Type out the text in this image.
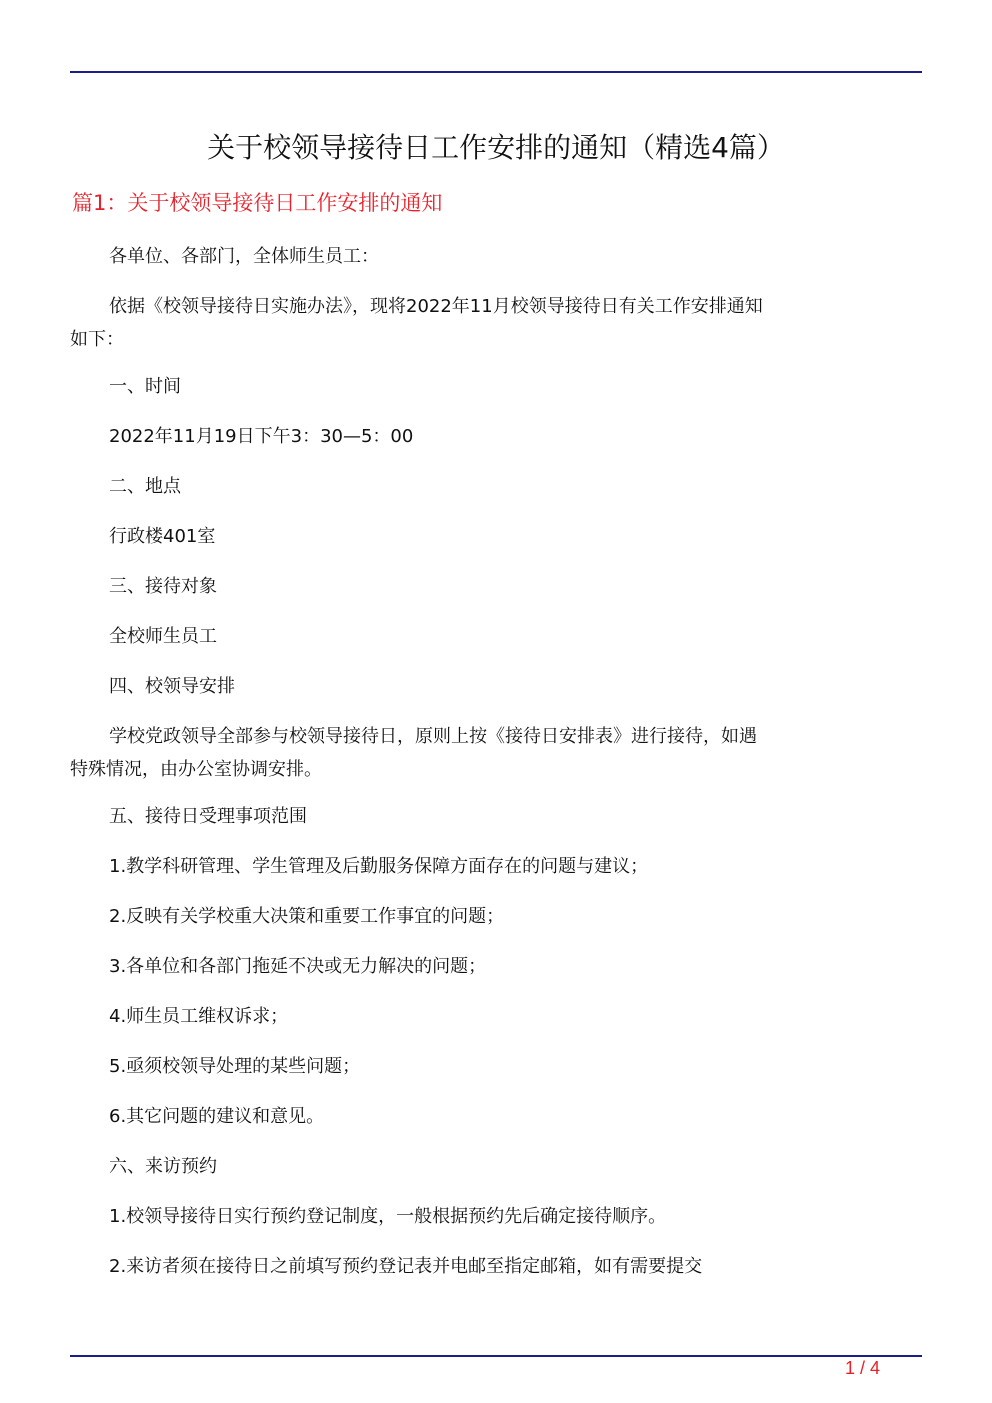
关于校领导接待日工作安排的通知（精选4篇）
篇1：关于校领导接待日工作安排的通知

各单位、各部门，全体师生员工：

依据《校领导接待日实施办法》，现将2022年11月校领导接待日有关工作安排通知如下：

一、时间

2022年11月19日下午3：30—5：00

二、地点

行政楼401室

三、接待对象

全校师生员工

四、校领导安排

学校党政领导全部参与校领导接待日，原则上按《接待日安排表》进行接待，如遇特殊情况，由办公室协调安排。

五、接待日受理事项范围

1.教学科研管理、学生管理及后勤服务保障方面存在的问题与建议；

2.反映有关学校重大决策和重要工作事宜的问题；

3.各单位和各部门拖延不决或无力解决的问题；

4.师生员工维权诉求；

5.亟须校领导处理的某些问题；

6.其它问题的建议和意见。

六、来访预约

1.校领导接待日实行预约登记制度，一般根据预约先后确定接待顺序。

2.来访者须在接待日之前填写预约登记表并电邮至指定邮箱，如有需要提交

1 / 4
